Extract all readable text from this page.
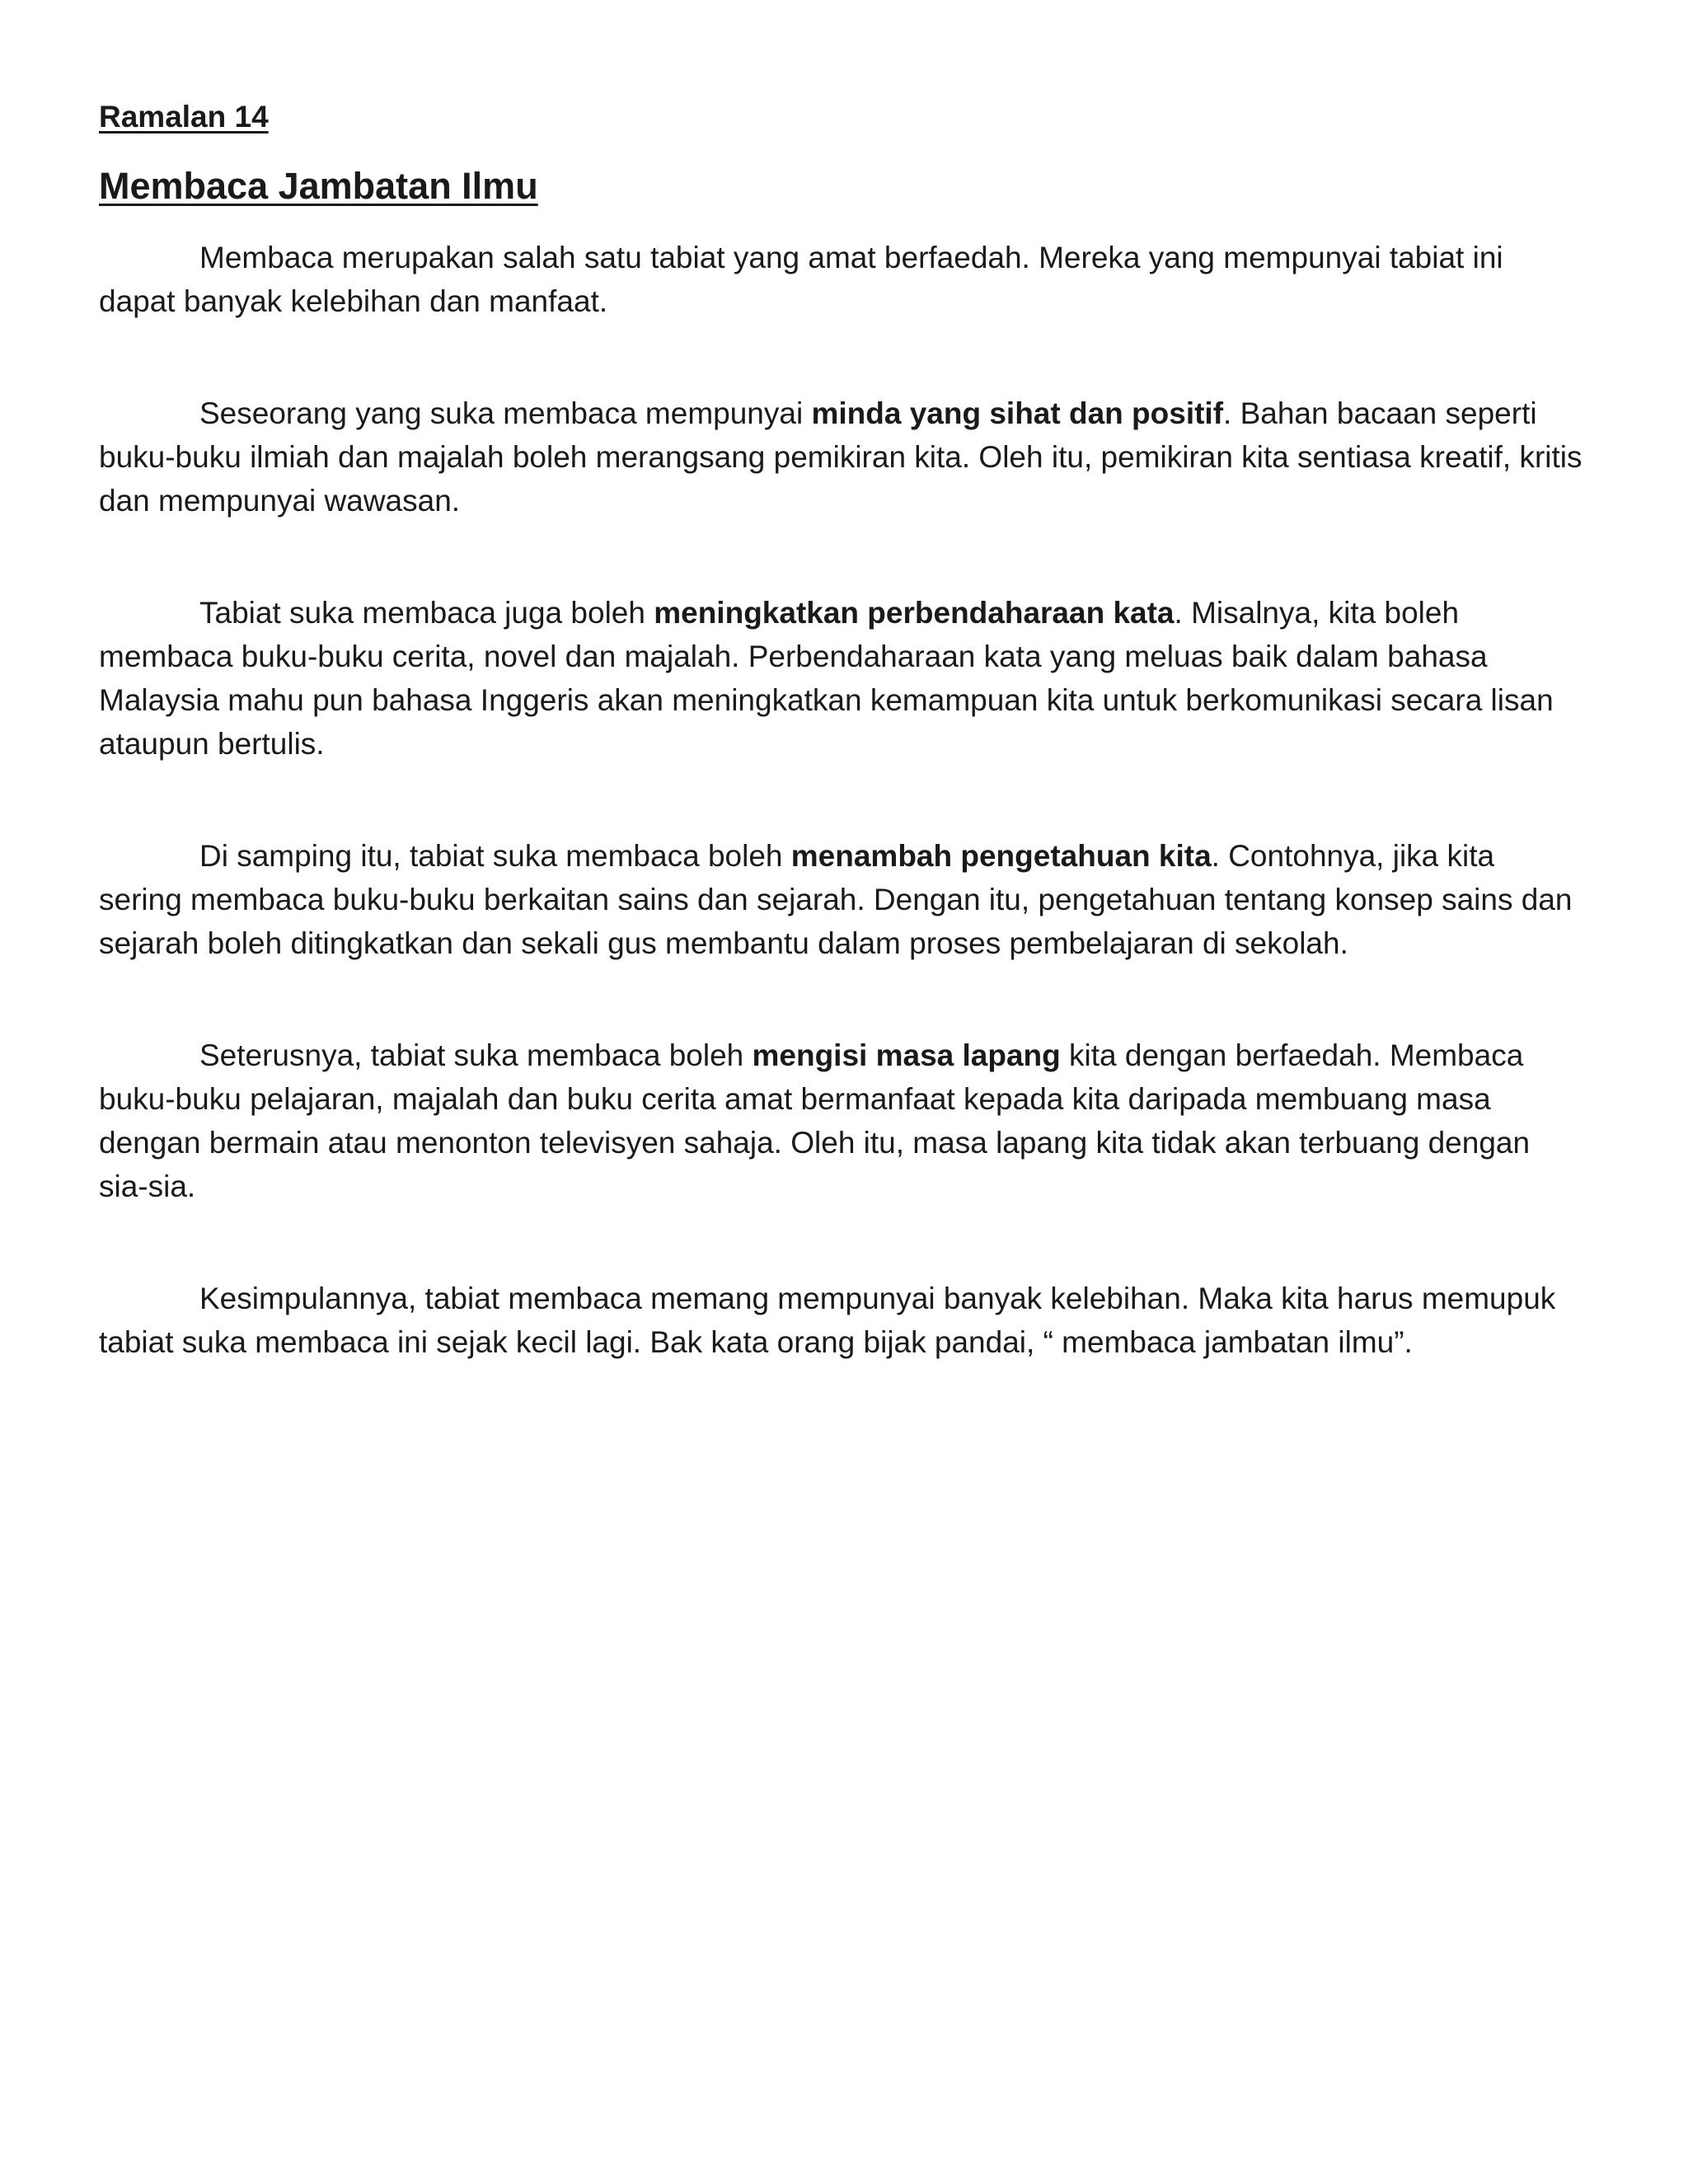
Ramalan 14

Membaca Jambatan Ilmu

Membaca merupakan salah satu tabiat yang amat berfaedah. Mereka yang mempunyai tabiat ini dapat banyak kelebihan dan manfaat.

Seseorang yang suka membaca mempunyai minda yang sihat dan positif. Bahan bacaan seperti buku-buku ilmiah dan majalah boleh merangsang pemikiran kita. Oleh itu, pemikiran kita sentiasa kreatif, kritis dan mempunyai wawasan.

Tabiat suka membaca juga boleh meningkatkan perbendaharaan kata. Misalnya, kita boleh membaca buku-buku cerita, novel dan majalah. Perbendaharaan kata yang meluas baik dalam bahasa Malaysia mahu pun bahasa Inggeris akan meningkatkan kemampuan kita untuk berkomunikasi secara lisan ataupun bertulis.

Di samping itu, tabiat suka membaca boleh menambah pengetahuan kita. Contohnya, jika kita sering membaca buku-buku berkaitan sains dan sejarah. Dengan itu, pengetahuan tentang konsep sains dan sejarah boleh ditingkatkan dan sekali gus membantu dalam proses pembelajaran di sekolah.

Seterusnya, tabiat suka membaca boleh mengisi masa lapang kita dengan berfaedah. Membaca buku-buku pelajaran, majalah dan buku cerita amat bermanfaat kepada kita daripada membuang masa dengan bermain atau menonton televisyen sahaja. Oleh itu, masa lapang kita tidak akan terbuang dengan sia-sia.

Kesimpulannya, tabiat membaca memang mempunyai banyak kelebihan. Maka kita harus memupuk tabiat suka membaca ini sejak kecil lagi. Bak kata orang bijak pandai, “ membaca jambatan ilmu”.
